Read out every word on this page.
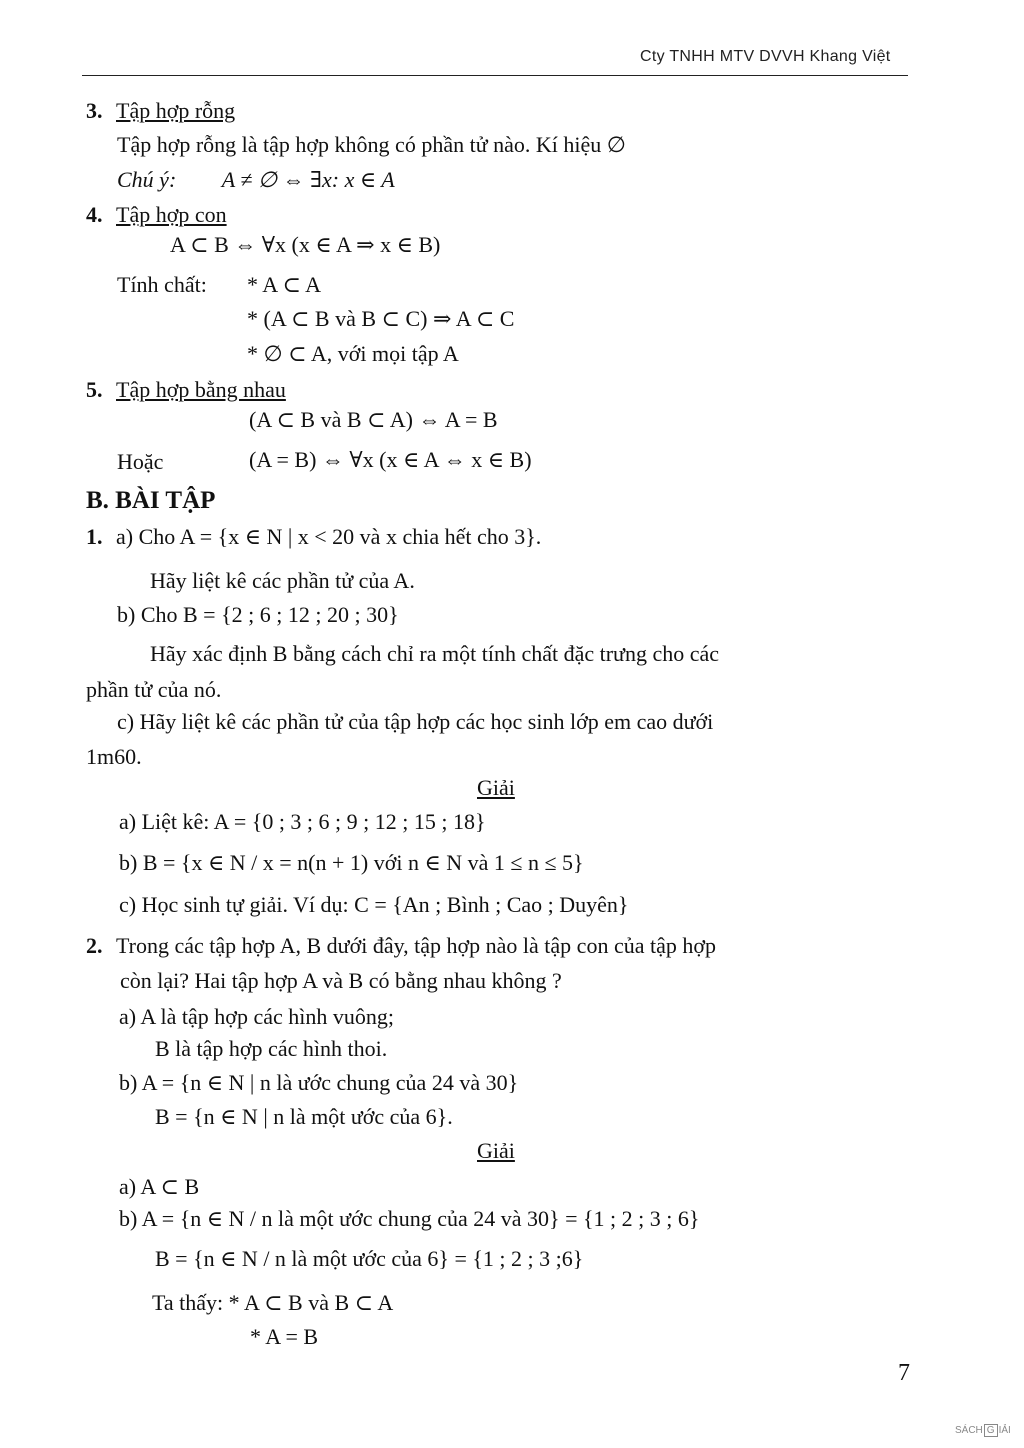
Cty TNHH MTV DVVH Khang Việt
3. Tập hợp rỗng
Tập hợp rỗng là tập hợp không có phần tử nào. Kí hiệu ∅
Chú ý: A ≠ ∅ ⇔ ∃x: x ∈ A
4. Tập hợp con
A ⊂ B ⇔ ∀x (x ∈ A ⇒ x ∈ B)
Tính chất: * A ⊂ A
* (A ⊂ B và B ⊂ C) ⇒ A ⊂ C
* ∅ ⊂ A, với mọi tập A
5. Tập hợp bằng nhau
(A ⊂ B và B ⊂ A) ⇔ A = B
Hoặc	(A = B) ⇔ ∀x (x ∈ A ⇔ x ∈ B)
B. BÀI TẬP
1. a) Cho A = {x ∈ N | x < 20 và x chia hết cho 3}.
Hãy liệt kê các phần tử của A.
b) Cho B = {2 ; 6 ; 12 ; 20 ; 30}
Hãy xác định B bằng cách chỉ ra một tính chất đặc trưng cho các
phần tử của nó.
c) Hãy liệt kê các phần tử của tập hợp các học sinh lớp em cao dưới
1m60.
Giải
a) Liệt kê: A = {0 ; 3 ; 6 ; 9 ; 12 ; 15 ; 18}
b) B = {x ∈ N / x = n(n + 1) với n ∈ N và 1 ≤ n ≤ 5}
c) Học sinh tự giải. Ví dụ: C = {An ; Bình ; Cao ; Duyên}
2. Trong các tập hợp A, B dưới đây, tập hợp nào là tập con của tập hợp
còn lại? Hai tập hợp A và B có bằng nhau không ?
a) A là tập hợp các hình vuông;
B là tập hợp các hình thoi.
b) A = {n ∈ N | n là ước chung của 24 và 30}
B = {n ∈ N | n là một ước của 6}.
Giải
a) A ⊂ B
b) A = {n ∈ N / n là một ước chung của 24 và 30} = {1 ; 2 ; 3 ; 6}
B = {n ∈ N / n là một ước của 6} = {1 ; 2 ; 3 ;6}
Ta thấy: * A ⊂ B và B ⊂ A
* A = B
7
SÁCH G IẢI
